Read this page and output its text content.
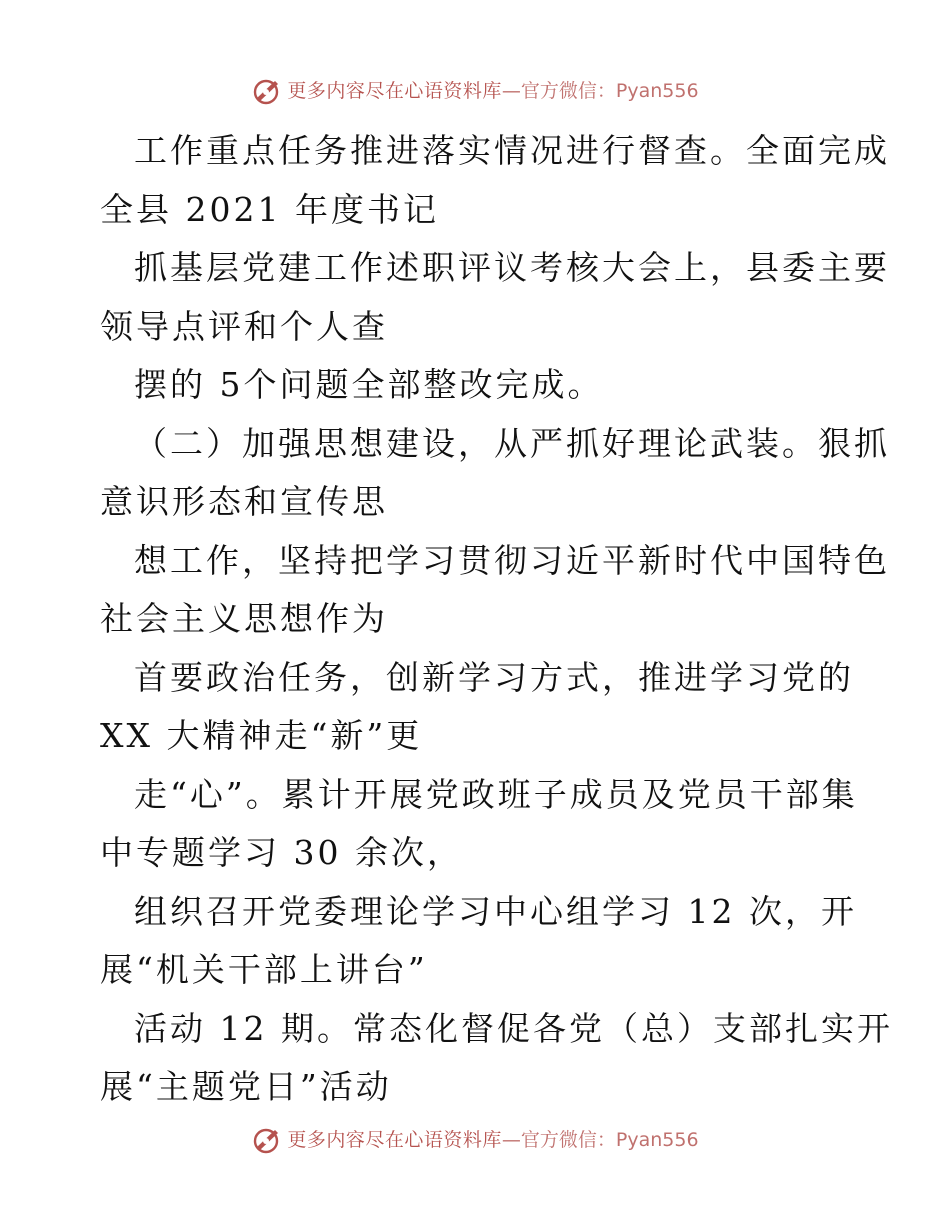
更多内容尽在心语资料库 —官方微信：Pyan556
工作重点任务推进落实情况进行督查。全面完成
全县 2021 年度书记
抓基层党建工作述职评议考核大会上，县委主要
领导点评和个人查
摆的 5个问题全部整改完成。
（二）加强思想建设，从严抓好理论武装。狠抓
意识形态和宣传思
想工作，坚持把学习贯彻习近平新时代中国特色
社会主义思想作为
首要政治任务，创新学习方式，推进学习党的
XX 大精神走“新”更
走“心”。累计开展党政班子成员及党员干部集
中专题学习 30 余次，
组织召开党委理论学习中心组学习 12 次，开
展“机关干部上讲台”
活动 12 期。常态化督促各党（总）支部扎实开
展“主题党日”活动
更多内容尽在心语资料库 —官方微信：Pyan556
